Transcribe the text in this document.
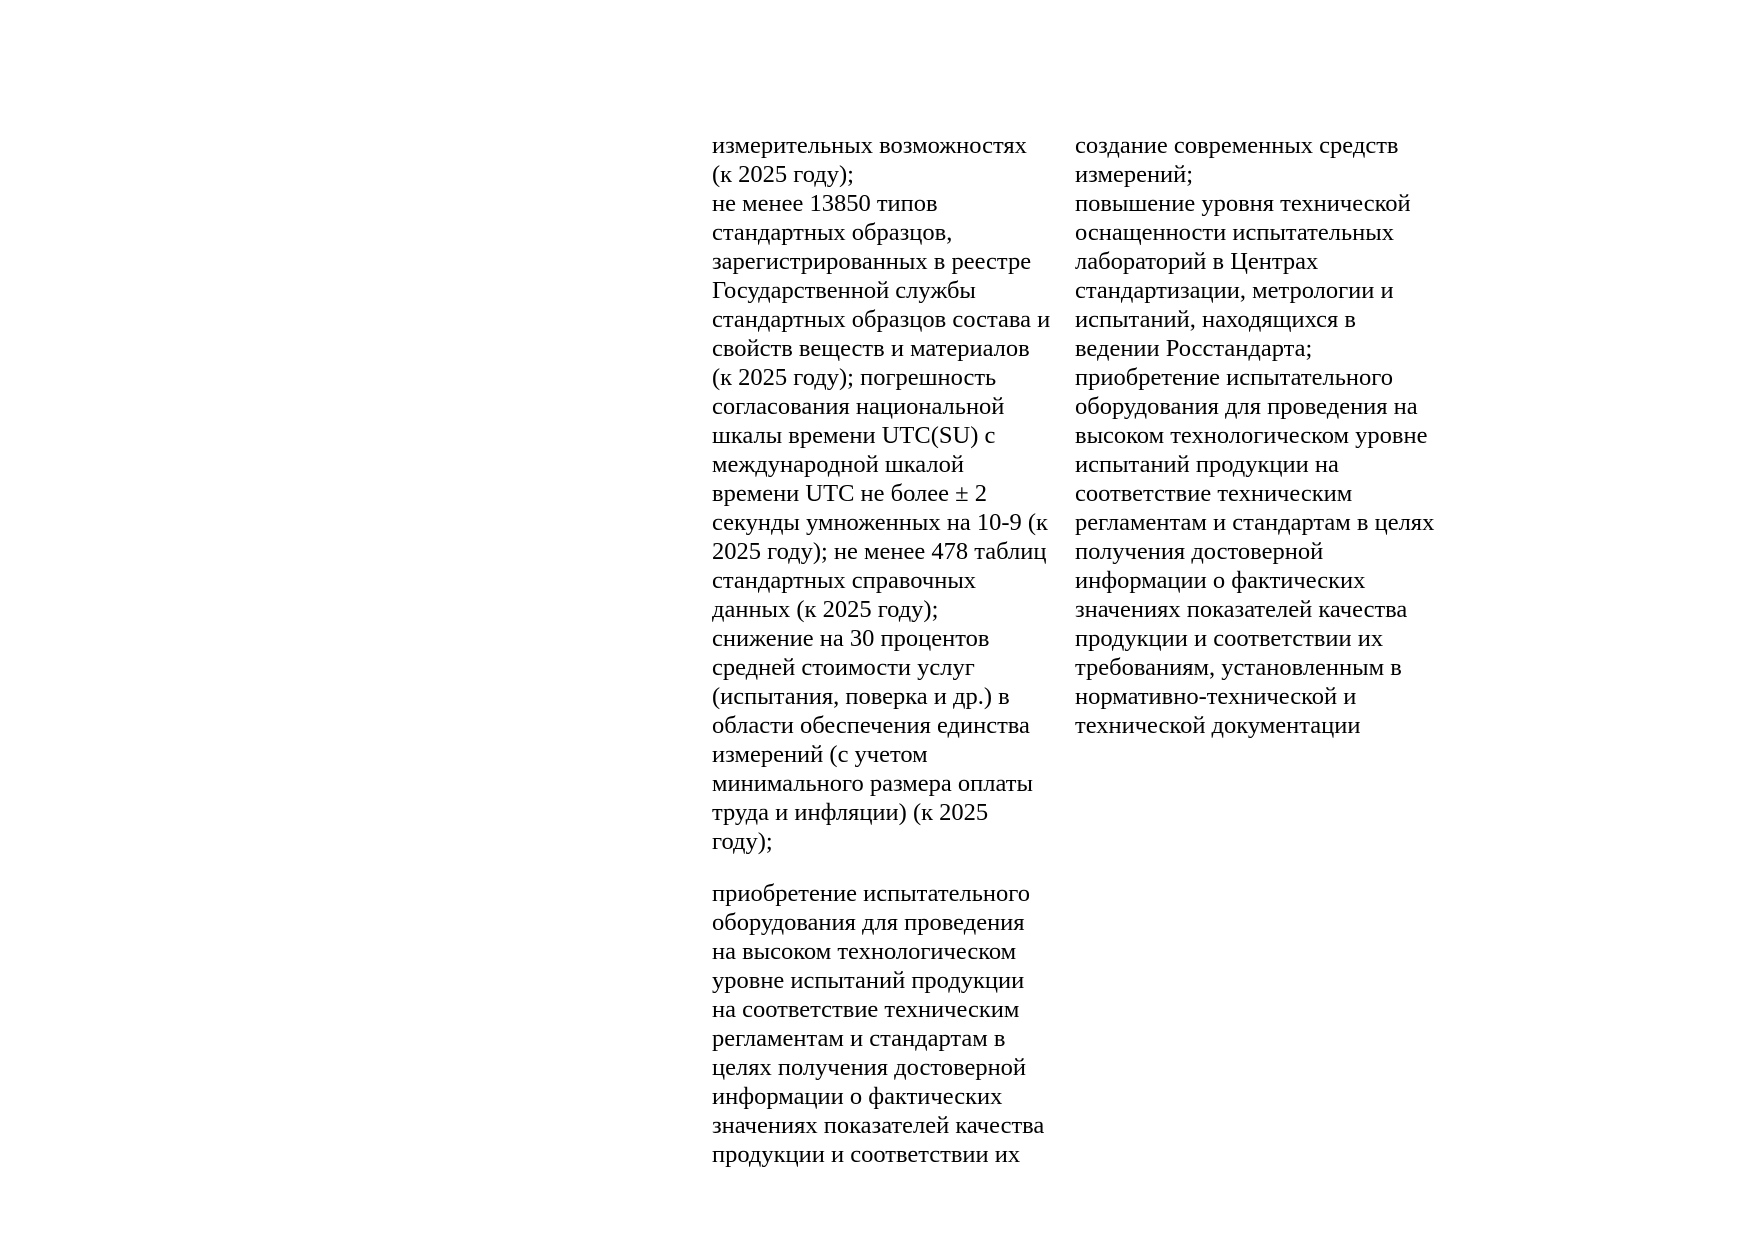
измерительных возможностях
(к 2025 году);
не менее 13850 типов
стандартных образцов,
зарегистрированных в реестре
Государственной службы
стандартных образцов состава и
свойств веществ и материалов
(к 2025 году); погрешность
согласования национальной
шкалы времени UTC(SU) с
международной шкалой
времени UTC не более ± 2
секунды умноженных на 10-9 (к
2025 году); не менее 478 таблиц
стандартных справочных
данных (к 2025 году);
снижение на 30 процентов
средней стоимости услуг
(испытания, поверка и др.) в
области обеспечения единства
измерений (с учетом
минимального размера оплаты
труда и инфляции) (к 2025
году);
приобретение испытательного
оборудования для проведения
на высоком технологическом
уровне испытаний продукции
на соответствие техническим
регламентам и стандартам в
целях получения достоверной
информации о фактических
значениях показателей качества
продукции и соответствии их
создание современных средств
измерений;
повышение уровня технической
оснащенности испытательных
лабораторий в Центрах
стандартизации, метрологии и
испытаний, находящихся в
ведении Росстандарта;
приобретение испытательного
оборудования для проведения на
высоком технологическом уровне
испытаний продукции на
соответствие техническим
регламентам и стандартам в целях
получения достоверной
информации о фактических
значениях показателей качества
продукции и соответствии их
требованиям, установленным в
нормативно-технической и
технической документации
